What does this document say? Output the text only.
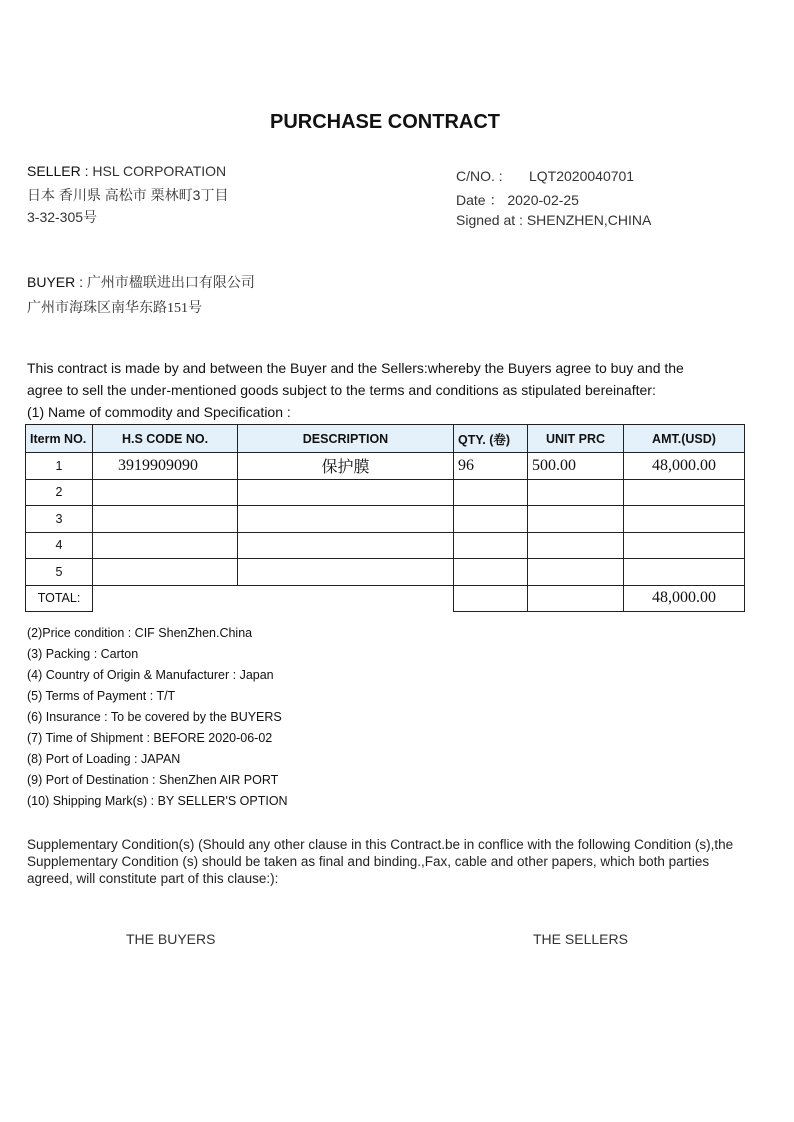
PURCHASE CONTRACT
SELLER : HSL CORPORATION
日本 香川県 高松市 栗林町3丁目
3-32-305号
C/NO. : LQT2020040701
Date ： 2020-02-25
Signed at : SHENZHEN,CHINA
BUYER : 广州市楹联进出口有限公司
广州市海珠区南华东路151号
This contract is made by and between the Buyer and the Sellers:whereby the Buyers agree to buy and the
agree to sell the under-mentioned goods subject to the terms and conditions as stipulated bereinafter:
(1) Name of commodity and Specification :
Iterm NO.	H.S CODE NO.	DESCRIPTION	QTY. (卷)	UNIT PRC	AMT.(USD)
1	3919909090	保护膜	96	500.00	48,000.00
2					
3					
4					
5					
TOTAL:					48,000.00
(2)Price condition : CIF ShenZhen.China
(3) Packing : Carton
(4) Country of Origin & Manufacturer : Japan
(5) Terms of Payment : T/T
(6) Insurance : To be covered by the BUYERS
(7) Time of Shipment : BEFORE 2020-06-02
(8) Port of Loading : JAPAN
(9) Port of Destination : ShenZhen AIR PORT
(10) Shipping Mark(s) : BY SELLER'S OPTION
Supplementary Condition(s) (Should any other clause in this Contract.be in conflice with the following Condition (s),the Supplementary Condition (s) should be taken as final and binding.,Fax, cable and other papers, which both parties agreed, will constitute part of this clause:):
THE BUYERS	THE SELLERS
